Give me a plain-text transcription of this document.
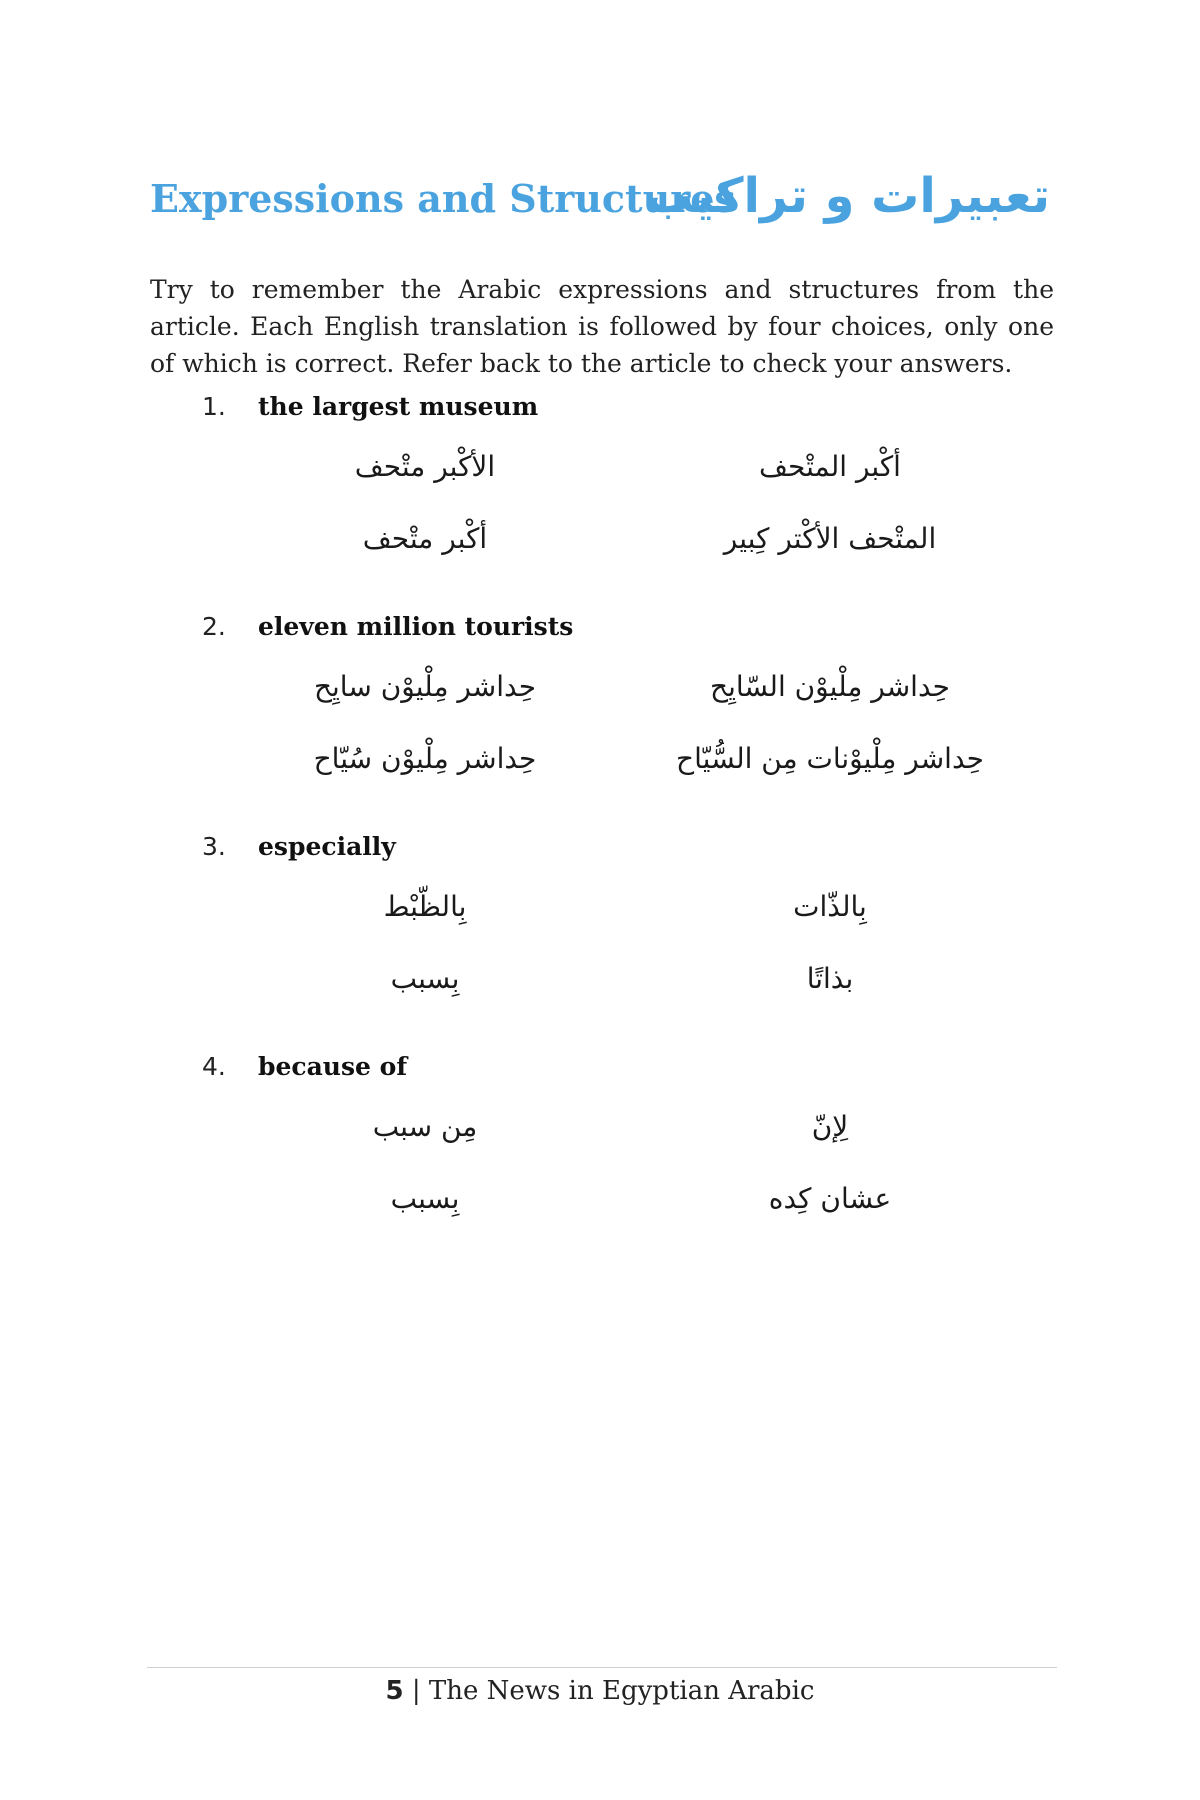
Expressions and Structures
تعبيرات و تراكيب

Try to remember the Arabic expressions and structures from the article. Each English translation is followed by four choices, only one of which is correct. Refer back to the article to check your answers.

1. the largest museum
أكْبر المتْحف
الأكْبر متْحف
المتْحف الأكْتر كِبير
أكْبر متْحف
2. eleven million tourists
حِداشر مِلْيوْن السّايِح
حِداشر مِلْيوْن سايِح
حِداشر مِلْيوْنات مِن السُّيّاح
حِداشر مِلْيوْن سُيّاح
3. especially
بِالذّات
بِالظّبْط
بذاتًا
بِسبب
4. because of
لِإنّ
مِن سبب
عشان كِده
بِسبب
5 | The News in Egyptian Arabic
